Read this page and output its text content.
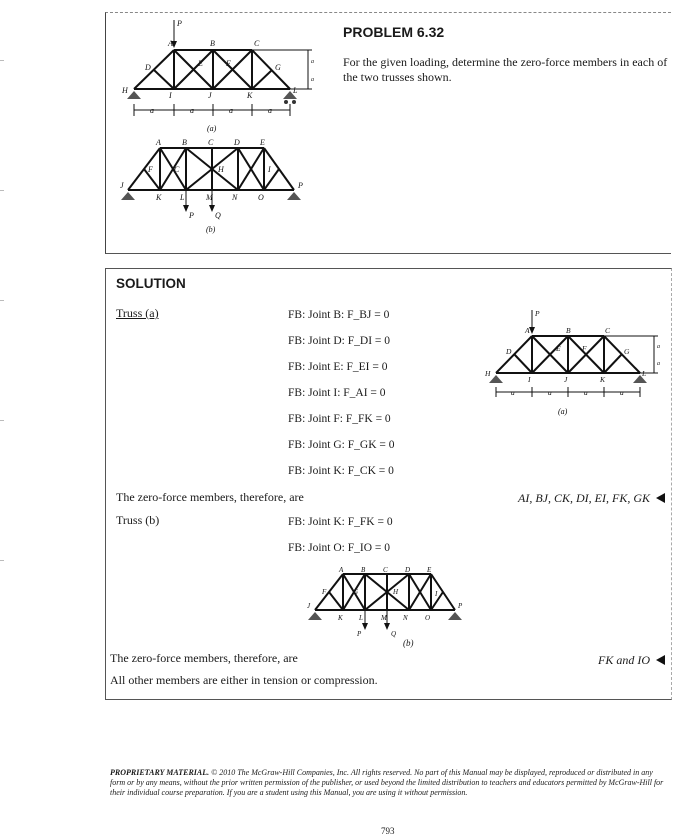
P
A	B	C
D	E	F	G
H
I	J	K
L
a	a	a	a
a
a
(a)
A	B	C	D	E
F	C	H	I
J
K L	M N	O
P
P	Q
(b)
PROBLEM 6.32
For the given loading, determine the zero-force members in each of the two trusses shown.
SOLUTION
Truss (a)	FB: Joint B: F_BJ = 0
FB: Joint D: F_DI = 0
FB: Joint E: F_EI = 0
FB: Joint I: F_AI = 0
FB: Joint F: F_FK = 0
FB: Joint G: F_GK = 0
FB: Joint K: F_CK = 0
P
A	B	C
D	E	F	G
H
I	J	K
L
a	a	a	a
a
a
(a)
The zero-force members, therefore, are	AI, BJ, CK, DI, EI, FK, GK
Truss (b)	FB: Joint K: F_FK = 0
FB: Joint O: F_IO = 0
A	B	C D E
F	G	H	I
J
K L	M N O
P
P	Q
(b)
The zero-force members, therefore, are	FK and IO
All other members are either in tension or compression.
PROPRIETARY MATERIAL. © 2010 The McGraw-Hill Companies, Inc. All rights reserved. No part of this Manual may be displayed, reproduced or distributed in any form or by any means, without the prior written permission of the publisher, or used beyond the limited distribution to teachers and educators permitted by McGraw-Hill for their individual course preparation. If you are a student using this Manual, you are using it without permission.
793
